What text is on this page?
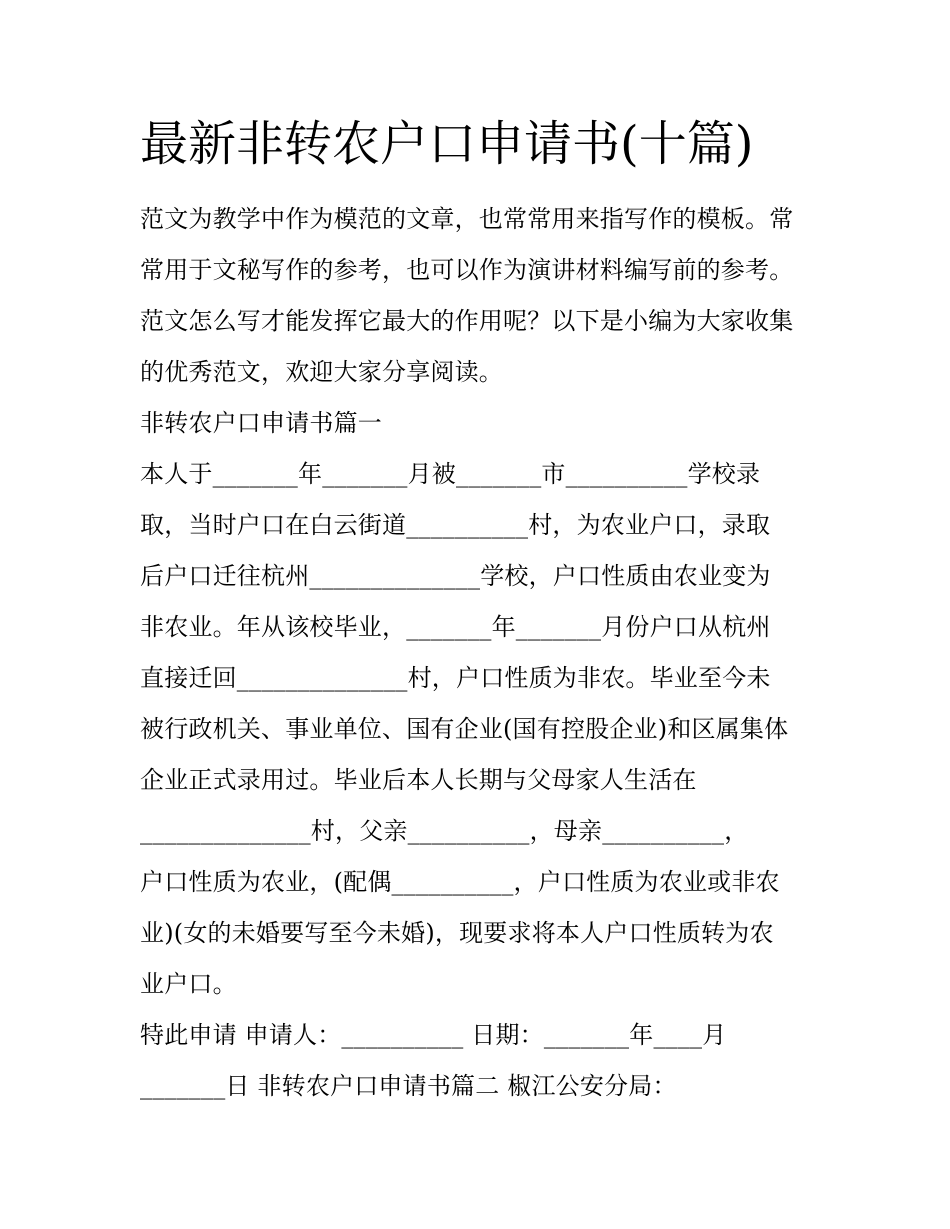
最新非转农户口申请书(十篇)
范文为教学中作为模范的文章，也常常用来指写作的模板。常
常用于文秘写作的参考，也可以作为演讲材料编写前的参考。
范文怎么写才能发挥它最大的作用呢？以下是小编为大家收集
的优秀范文，欢迎大家分享阅读。
非转农户口申请书篇一
本人于_______年_______月被_______市__________学校录
取，当时户口在白云街道__________村，为农业户口，录取
后户口迁往杭州______________学校，户口性质由农业变为
非农业。年从该校毕业，_______年_______月份户口从杭州
直接迁回______________村，户口性质为非农。毕业至今未
被行政机关、事业单位、国有企业(国有控股企业)和区属集体
企业正式录用过。毕业后本人长期与父母家人生活在
______________村，父亲__________，母亲__________，
户口性质为农业，(配偶__________，户口性质为农业或非农
业)(女的未婚要写至今未婚)，现要求将本人户口性质转为农
业户口。
特此申请 申请人：__________ 日期：_______年____月
_______日 非转农户口申请书篇二 椒江公安分局：
